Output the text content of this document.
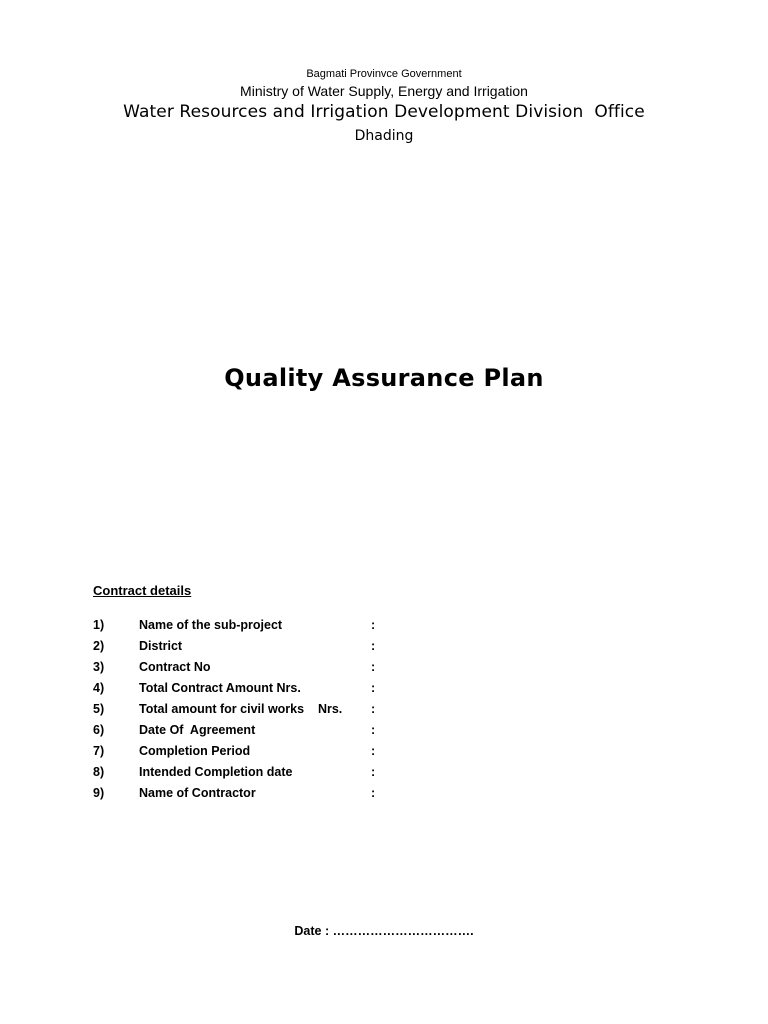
Bagmati Provinvce Government
Ministry of Water Supply, Energy and Irrigation
Water Resources and Irrigation Development Division  Office
Dhading
Quality Assurance Plan
Contract details
1)	Name of the sub-project	:
2)	District	:
3)	Contract No	:
4)	Total Contract Amount Nrs.	:
5)	Total amount for civil works    Nrs. :
6)	Date Of  Agreement	:
7)	Completion Period	:
8)	Intended Completion date	:
9)	Name of Contractor	:
Date : …………………………….
